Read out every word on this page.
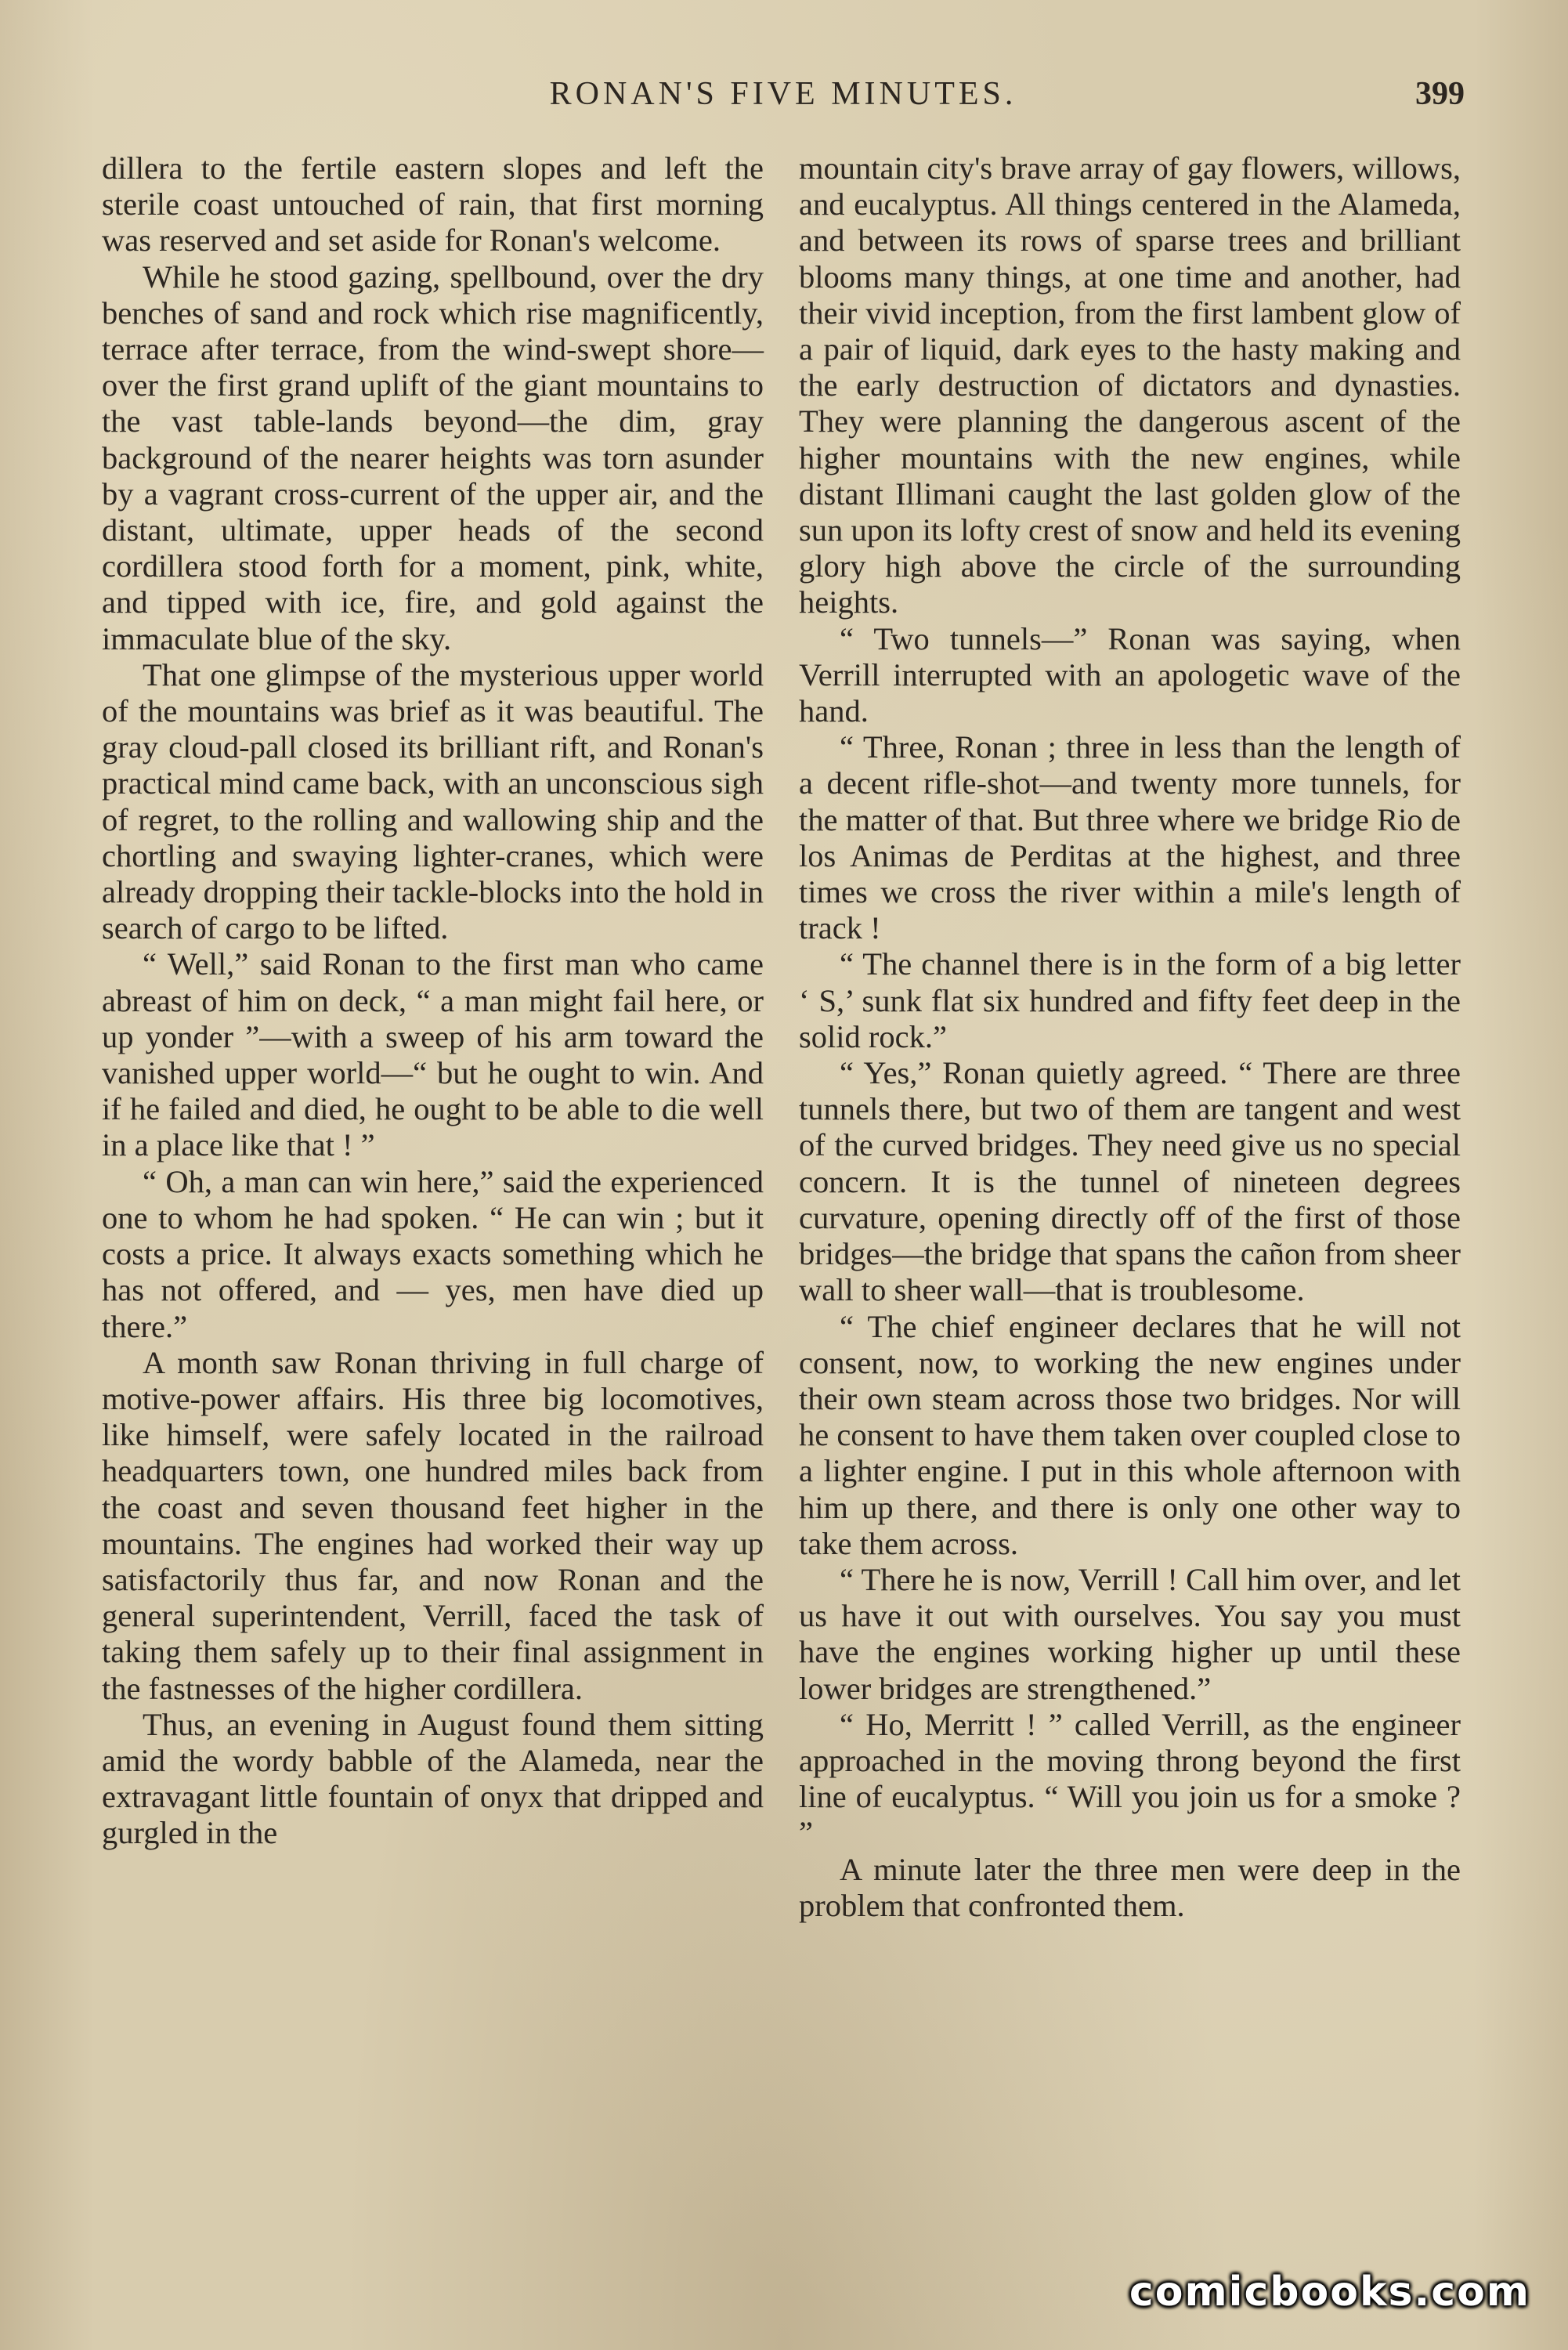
RONAN'S FIVE MINUTES.	399

dillera to the fertile eastern slopes and left the sterile coast untouched of rain, that first morning was reserved and set aside for Ronan's welcome.

While he stood gazing, spellbound, over the dry benches of sand and rock which rise magnificently, terrace after terrace, from the wind-swept shore—over the first grand uplift of the giant mountains to the vast table-lands beyond—the dim, gray background of the nearer heights was torn asunder by a vagrant cross-current of the upper air, and the distant, ultimate, upper heads of the second cordillera stood forth for a moment, pink, white, and tipped with ice, fire, and gold against the immaculate blue of the sky.

That one glimpse of the mysterious upper world of the mountains was brief as it was beautiful. The gray cloud-pall closed its brilliant rift, and Ronan's practical mind came back, with an unconscious sigh of regret, to the rolling and wallowing ship and the chortling and swaying lighter-cranes, which were already dropping their tackle-blocks into the hold in search of cargo to be lifted.

“ Well,” said Ronan to the first man who came abreast of him on deck, “ a man might fail here, or up yonder ”—with a sweep of his arm toward the vanished upper world—“ but he ought to win. And if he failed and died, he ought to be able to die well in a place like that ! ”

“ Oh, a man can win here,” said the experienced one to whom he had spoken. “ He can win ; but it costs a price. It always exacts something which he has not offered, and — yes, men have died up there.”

A month saw Ronan thriving in full charge of motive-power affairs. His three big locomotives, like himself, were safely located in the railroad headquarters town, one hundred miles back from the coast and seven thousand feet higher in the mountains. The engines had worked their way up satisfactorily thus far, and now Ronan and the general superintendent, Verrill, faced the task of taking them safely up to their final assignment in the fastnesses of the higher cordillera.

Thus, an evening in August found them sitting amid the wordy babble of the Alameda, near the extravagant little fountain of onyx that dripped and gurgled in the

mountain city's brave array of gay flowers, willows, and eucalyptus. All things centered in the Alameda, and between its rows of sparse trees and brilliant blooms many things, at one time and another, had their vivid inception, from the first lambent glow of a pair of liquid, dark eyes to the hasty making and the early destruction of dictators and dynasties. They were planning the dangerous ascent of the higher mountains with the new engines, while distant Illimani caught the last golden glow of the sun upon its lofty crest of snow and held its evening glory high above the circle of the surrounding heights.

“ Two tunnels—” Ronan was saying, when Verrill interrupted with an apologetic wave of the hand.

“ Three, Ronan ; three in less than the length of a decent rifle-shot—and twenty more tunnels, for the matter of that. But three where we bridge Rio de los Animas de Perditas at the highest, and three times we cross the river within a mile's length of track !

“ The channel there is in the form of a big letter ‘ S,’ sunk flat six hundred and fifty feet deep in the solid rock.”

“ Yes,” Ronan quietly agreed. “ There are three tunnels there, but two of them are tangent and west of the curved bridges. They need give us no special concern. It is the tunnel of nineteen degrees curvature, opening directly off of the first of those bridges—the bridge that spans the cañon from sheer wall to sheer wall—that is troublesome.

“ The chief engineer declares that he will not consent, now, to working the new engines under their own steam across those two bridges. Nor will he consent to have them taken over coupled close to a lighter engine. I put in this whole afternoon with him up there, and there is only one other way to take them across.

“ There he is now, Verrill ! Call him over, and let us have it out with ourselves. You say you must have the engines working higher up until these lower bridges are strengthened.”

“ Ho, Merritt ! ” called Verrill, as the engineer approached in the moving throng beyond the first line of eucalyptus. “ Will you join us for a smoke ? ”

A minute later the three men were deep in the problem that confronted them.

comicbooks.com
